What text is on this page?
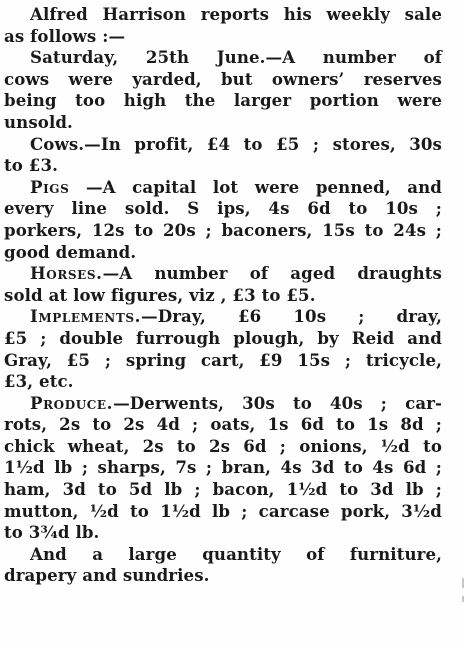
Alfred Harrison reports his weekly sale
as follows :—

Saturday, 25th June.—A number of
cows were yarded, but owners’ reserves
being too high the larger portion were
unsold.

Cows.—In profit, £4 to £5 ; stores, 30s
to £3.

Pigs —A capital lot were penned, and
every line sold. S ips, 4s 6d to 10s ;
porkers, 12s to 20s ; baconers, 15s to 24s ;
good demand.

Horses.—A number of aged draughts
sold at low figures, viz , £3 to £5.

Implements.—Dray, £6 10s ; dray,
£5 ; double furrough plough, by Reid and
Gray, £5 ; spring cart, £9 15s ; tricycle,
£3, etc.

Produce.—Derwents, 30s to 40s ; car-
rots, 2s to 2s 4d ; oats, 1s 6d to 1s 8d ;
chick wheat, 2s to 2s 6d ; onions, ½d to
1½d lb ; sharps, 7s ; bran, 4s 3d to 4s 6d ;
ham, 3d to 5d lb ; bacon, 1½d to 3d lb ;
mutton, ½d to 1½d lb ; carcase pork, 3½d
to 3¾d lb.

And a large quantity of furniture,
drapery and sundries.
